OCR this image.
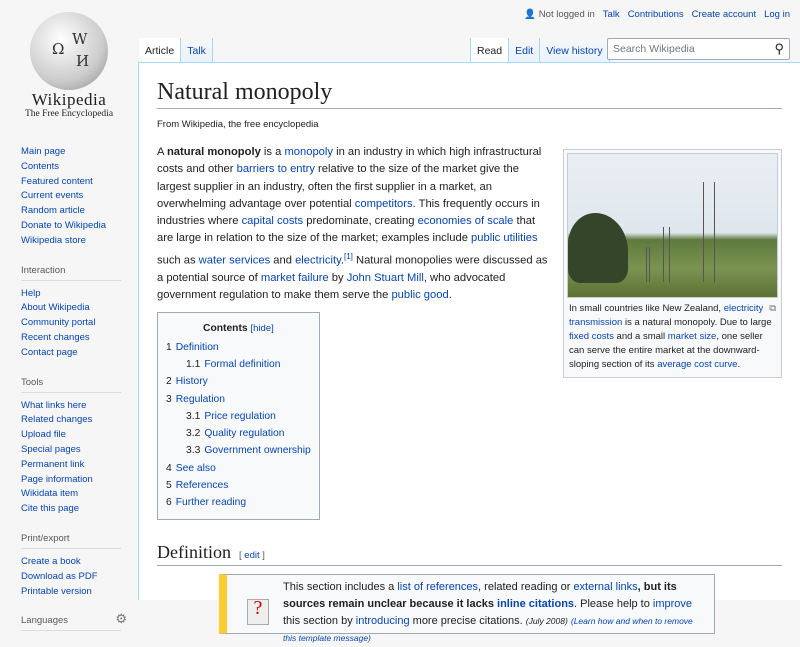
Ω
W
И
Wikipedia
The Free Encyclopedia
👤 Not logged in Talk Contributions Create account Log in
Article	Talk	Read	Edit	View history Search Wikipedia	⚲
Main page
Contents
Featured content
Current events
Random article
Donate to Wikipedia
Wikipedia store
Interaction
Help
About Wikipedia
Community portal
Recent changes
Contact page
Tools
What links here
Related changes
Upload file
Special pages
Permanent link
Page information
Wikidata item
Cite this page
Print/export
Create a book
Download as PDF
Printable version
Languages	⚙
Natural monopoly
From Wikipedia, the free encyclopedia

A natural monopoly is a monopoly in an industry in which high infrastructural costs and other barriers to entry relative to the size of the market give the largest supplier in an industry, often the first supplier in a market, an overwhelming advantage over potential competitors. This frequently occurs in industries where capital costs predominate, creating economies of scale that are large in relation to the size of the market; examples include public utilities such as water services and electricity.[1] Natural monopolies were discussed as a potential source of market failure by John Stuart Mill, who advocated government regulation to make them serve the public good.

⧉
In small countries like New Zealand, electricity transmission is a natural monopoly. Due to large fixed costs and a small market size, one seller can serve the entire market at the downward-sloping section of its average cost curve.
Contents [hide]
1 Definition
1.1 Formal definition
2 History
3 Regulation
3.1 Price regulation
3.2 Quality regulation
3.3 Government ownership
4 See also
5 References
6 Further reading
Definition [ edit ]
?
This section includes a list of references, related reading or external links, but its sources remain unclear because it lacks inline citations. Please help to improve this section by introducing more precise citations. (July 2008) (Learn how and when to remove this template message)
